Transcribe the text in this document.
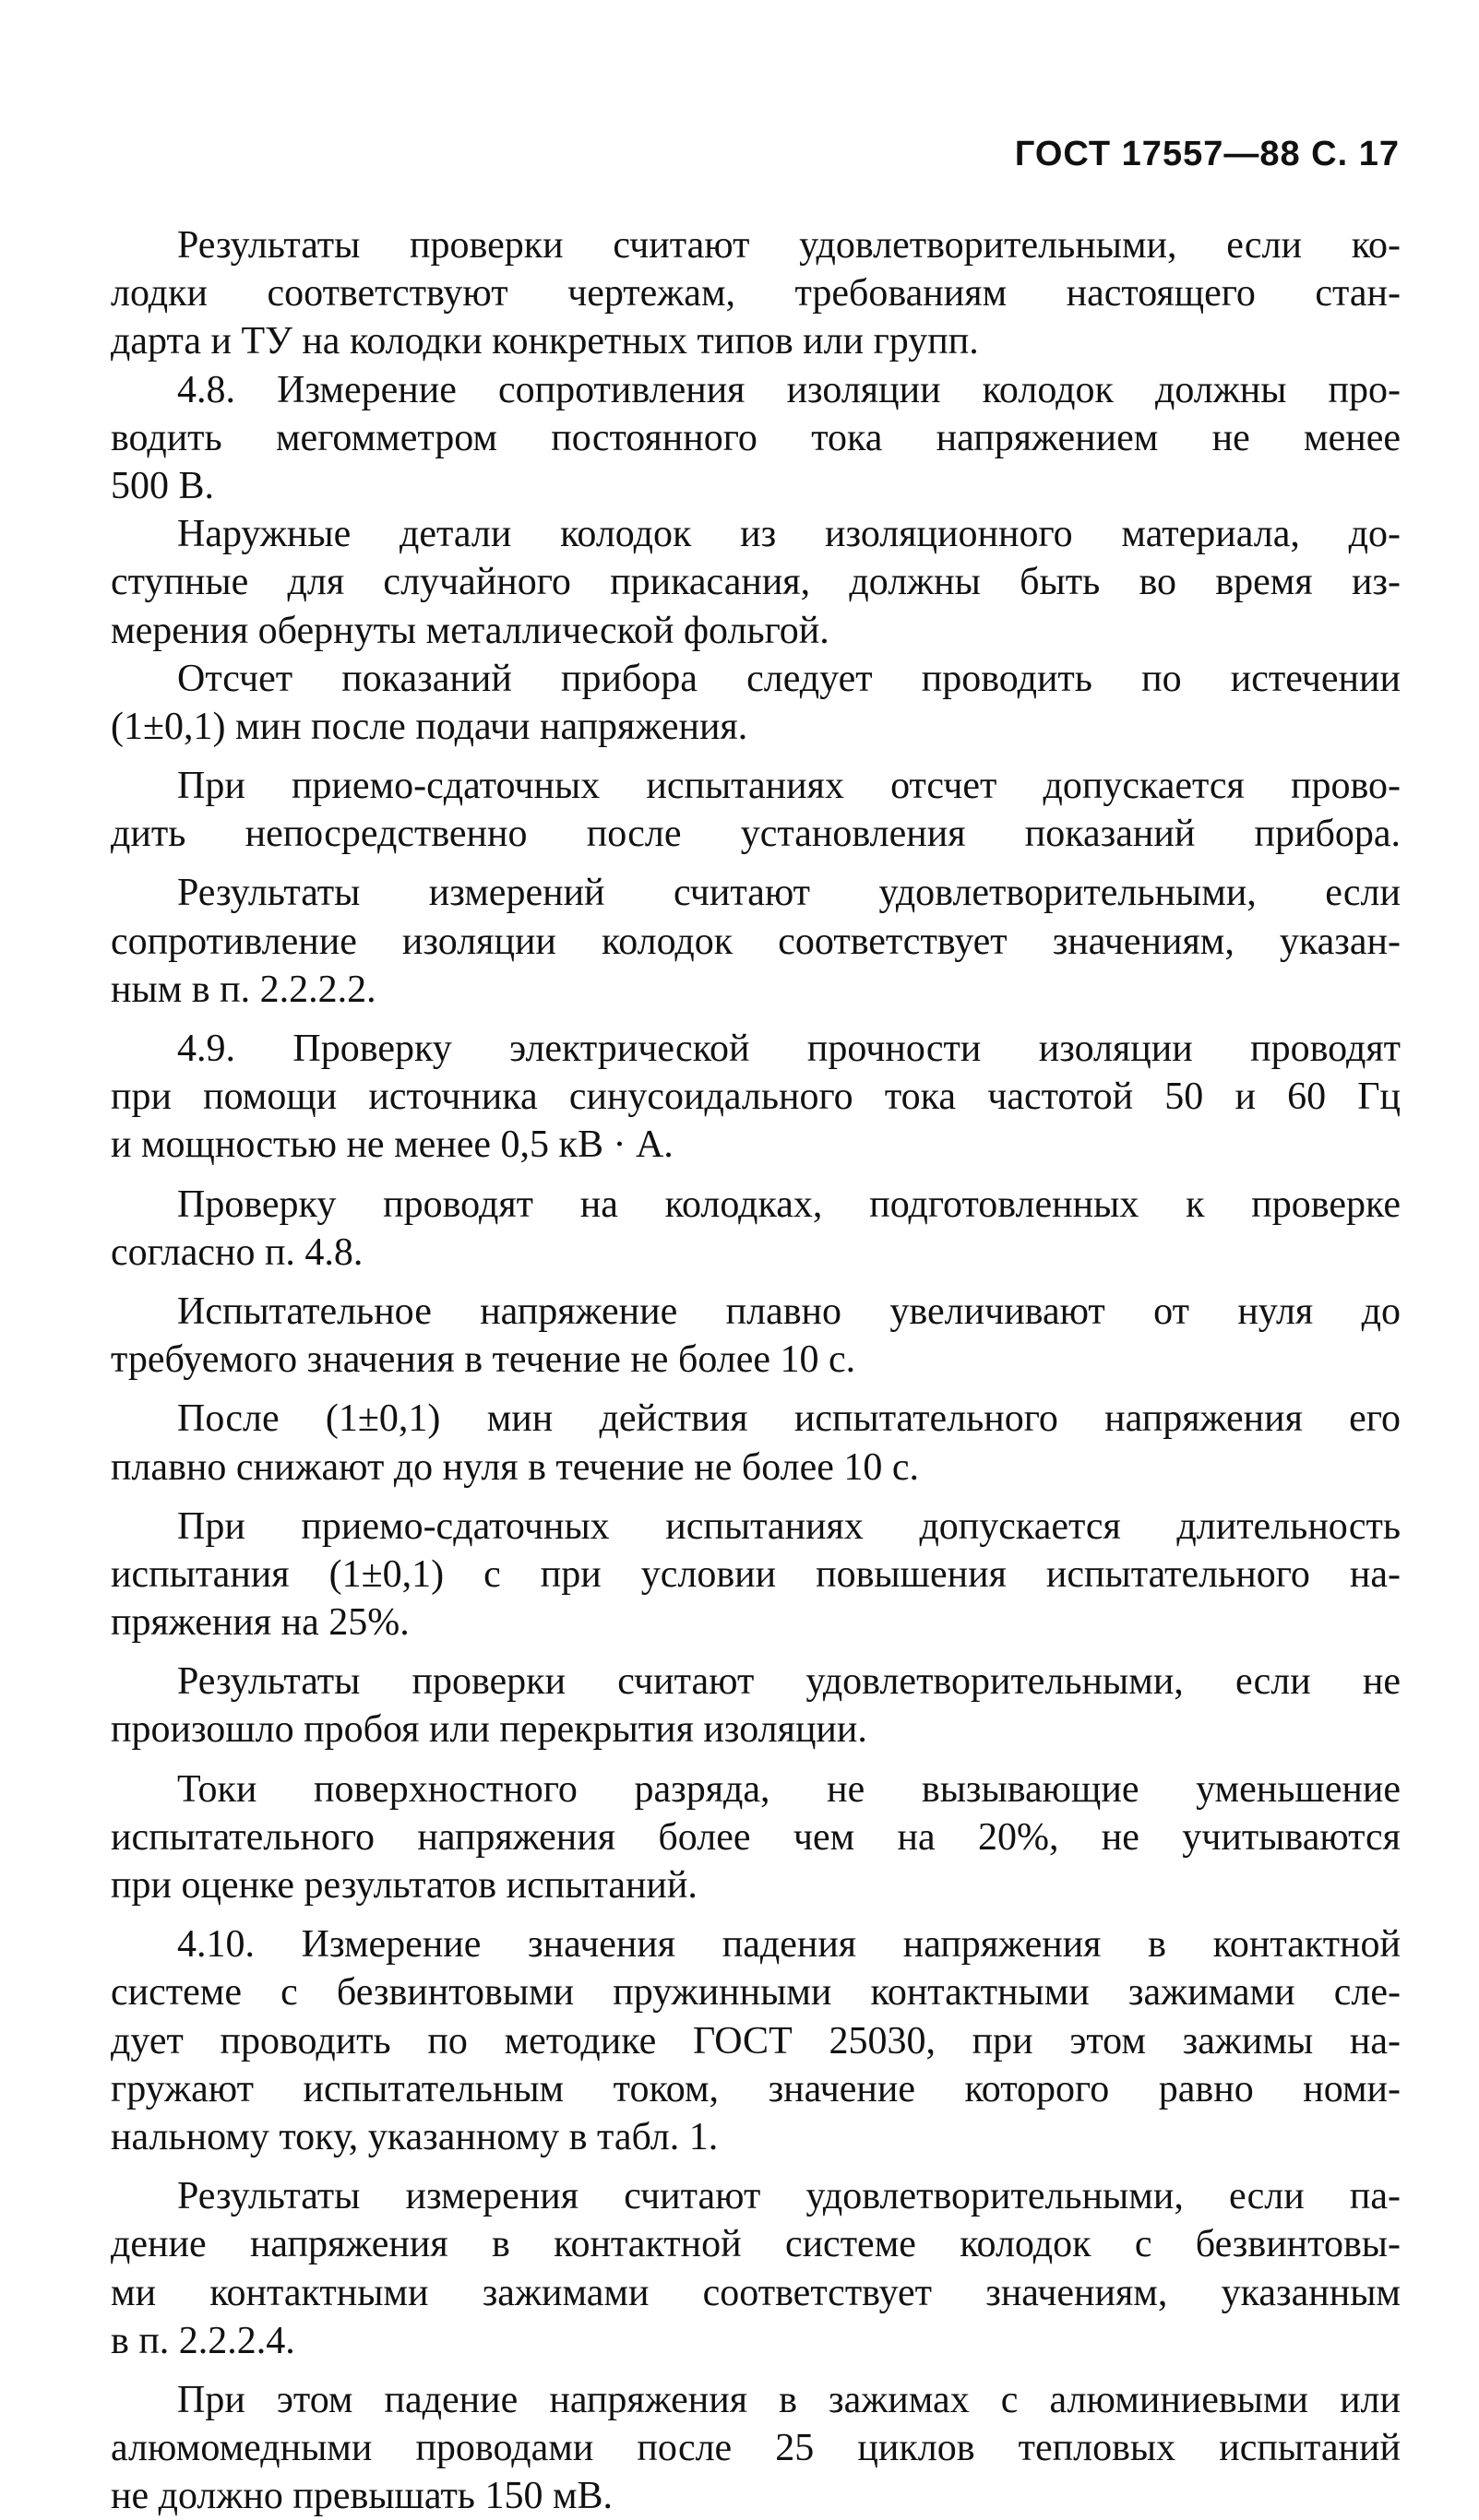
ГОСТ 17557—88 С. 17
Результаты проверки считают удовлетворительными, если ко-
лодки соответствуют чертежам, требованиям настоящего стан-
дарта и ТУ на колодки конкретных типов или групп.
4.8. Измерение сопротивления изоляции колодок должны про-
водить мегомметром постоянного тока напряжением не менее
500 В.
Наружные детали колодок из изоляционного материала, до-
ступные для случайного прикасания, должны быть во время из-
мерения обернуты металлической фольгой.
Отсчет показаний прибора следует проводить по истечении
(1±0,1) мин после подачи напряжения.
При приемо-сдаточных испытаниях отсчет допускается прово-
дить непосредственно после установления показаний прибора.
Результаты измерений считают удовлетворительными, если
сопротивление изоляции колодок соответствует значениям, указан-
ным в п. 2.2.2.2.
4.9. Проверку электрической прочности изоляции проводят
при помощи источника синусоидального тока частотой 50 и 60 Гц
и мощностью не менее 0,5 кВ · А.
Проверку проводят на колодках, подготовленных к проверке
согласно п. 4.8.
Испытательное напряжение плавно увеличивают от нуля до
требуемого значения в течение не более 10 с.
После (1±0,1) мин действия испытательного напряжения его
плавно снижают до нуля в течение не более 10 с.
При приемо-сдаточных испытаниях допускается длительность
испытания (1±0,1) с при условии повышения испытательного на-
пряжения на 25%.
Результаты проверки считают удовлетворительными, если не
произошло пробоя или перекрытия изоляции.
Токи поверхностного разряда, не вызывающие уменьшение
испытательного напряжения более чем на 20%, не учитываются
при оценке результатов испытаний.
4.10. Измерение значения падения напряжения в контактной
системе с безвинтовыми пружинными контактными зажимами сле-
дует проводить по методике ГОСТ 25030, при этом зажимы на-
гружают испытательным током, значение которого равно номи-
нальному току, указанному в табл. 1.
Результаты измерения считают удовлетворительными, если па-
дение напряжения в контактной системе колодок с безвинтовы-
ми контактными зажимами соответствует значениям, указанным
в п. 2.2.2.4.
При этом падение напряжения в зажимах с алюминиевыми или
алюмомедными проводами после 25 циклов тепловых испытаний
не должно превышать 150 мВ.
